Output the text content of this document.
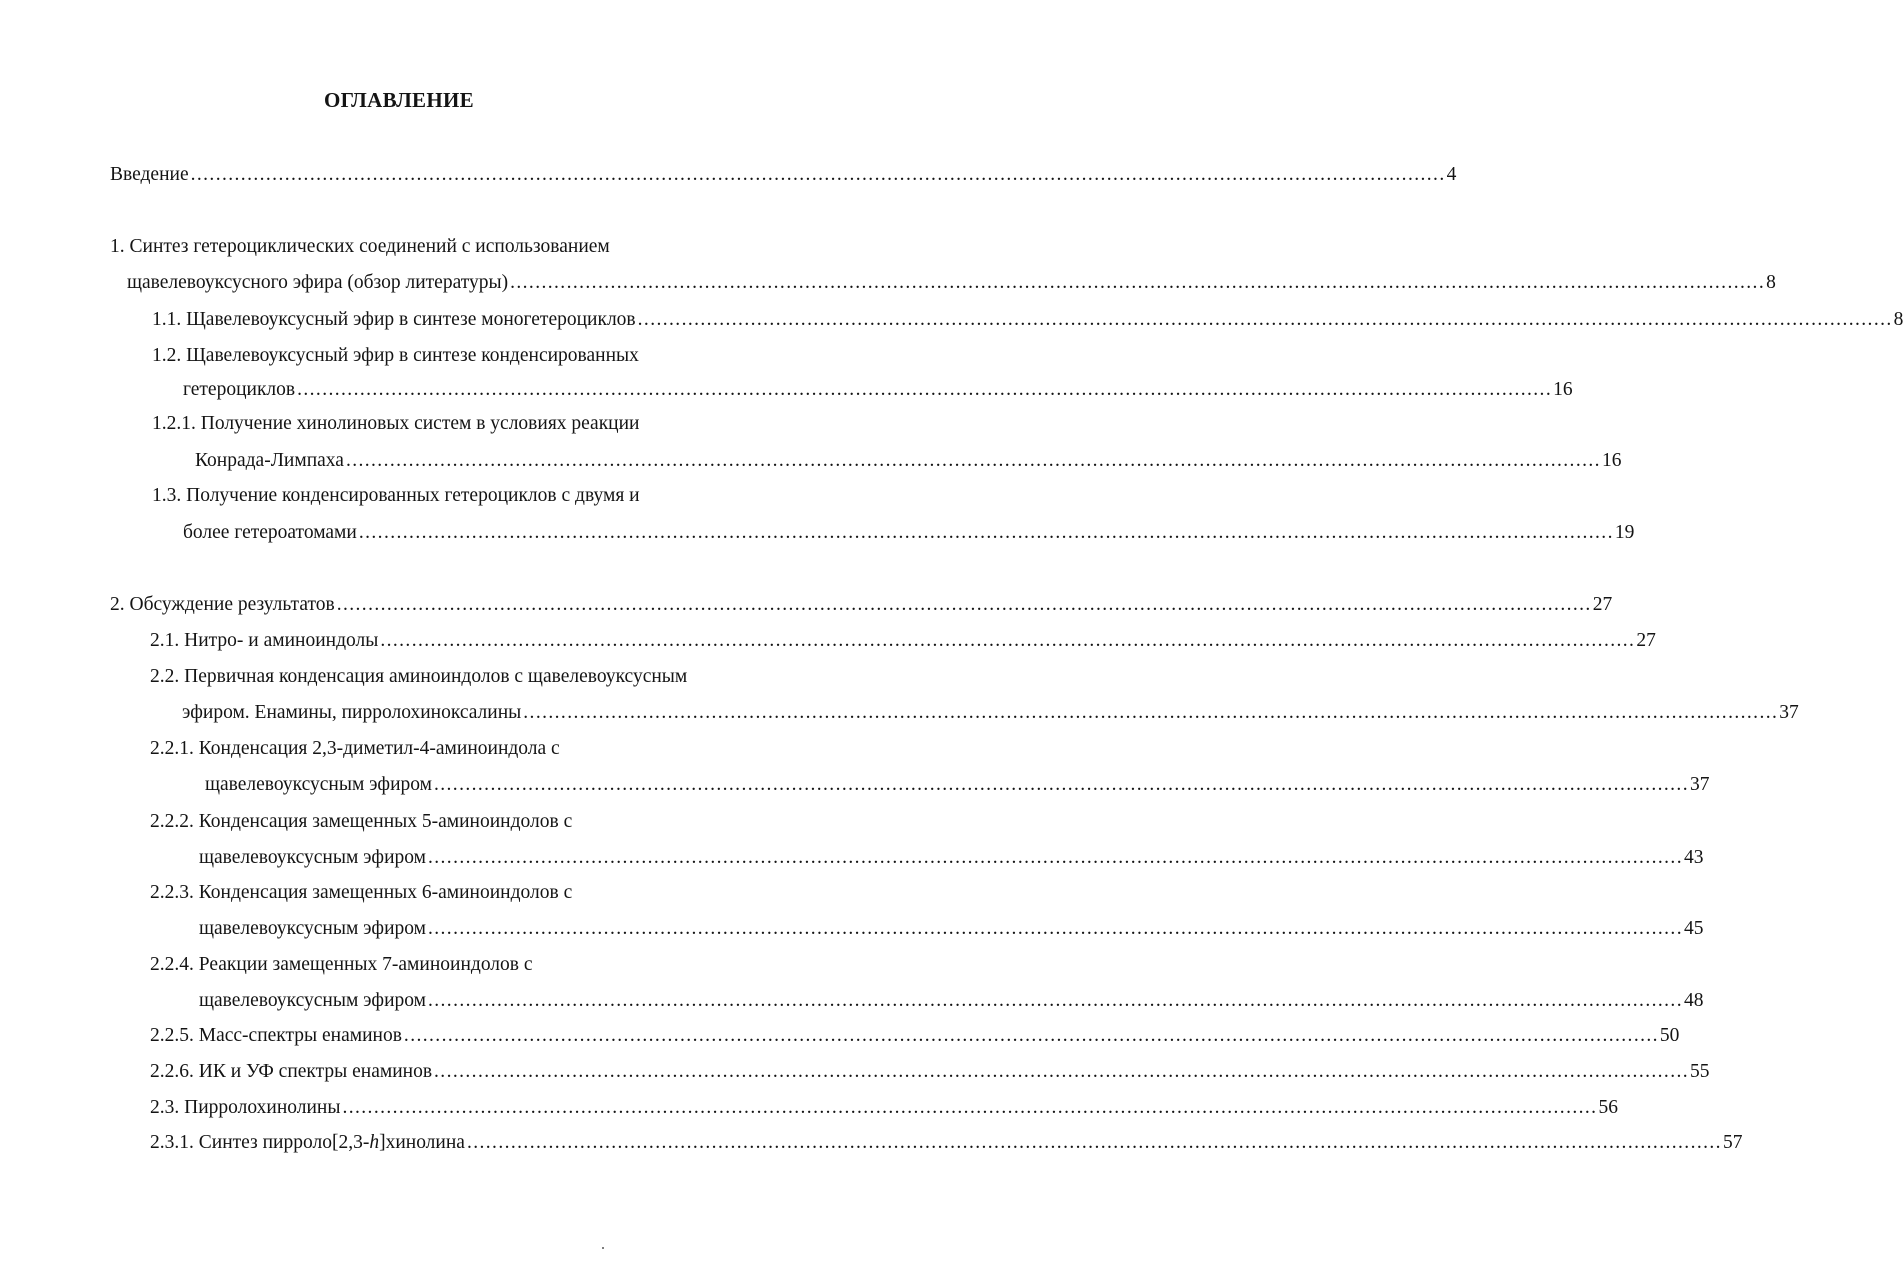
ОГЛАВЛЕНИЕ
Введение ........................................................................................................................................................................................................ 4
1. Синтез гетероциклических соединений с использованием
щавелевоуксусного эфира (обзор литературы) ........................................................................................................................................................................................................ 8
1.1. Щавелевоуксусный эфир в синтезе моногетероциклов ........................................................................................................................................................................................................ 8
1.2. Щавелевоуксусный эфир в синтезе конденсированных
гетероциклов ........................................................................................................................................................................................................ 16
1.2.1. Получение хинолиновых систем в условиях реакции
Конрада-Лимпаха ........................................................................................................................................................................................................ 16
1.3. Получение конденсированных гетероциклов с двумя и
более гетероатомами ........................................................................................................................................................................................................ 19
2. Обсуждение результатов ........................................................................................................................................................................................................ 27
2.1. Нитро- и аминоиндолы ........................................................................................................................................................................................................ 27
2.2. Первичная конденсация аминоиндолов с щавелевоуксусным
эфиром. Енамины, пирролохиноксалины ........................................................................................................................................................................................................ 37
2.2.1. Конденсация 2,3-диметил-4-аминоиндола с
щавелевоуксусным эфиром ........................................................................................................................................................................................................ 37
2.2.2. Конденсация замещенных 5-аминоиндолов с
щавелевоуксусным эфиром ........................................................................................................................................................................................................ 43
2.2.3. Конденсация замещенных 6-аминоиндолов с
щавелевоуксусным эфиром ........................................................................................................................................................................................................ 45
2.2.4. Реакции замещенных 7-аминоиндолов с
щавелевоуксусным эфиром ........................................................................................................................................................................................................ 48
2.2.5. Масс-спектры енаминов ........................................................................................................................................................................................................ 50
2.2.6. ИК и УФ спектры енаминов ........................................................................................................................................................................................................ 55
2.3. Пирролохинолины ........................................................................................................................................................................................................ 56
2.3.1. Синтез пирроло[2,3-h]хинолина ........................................................................................................................................................................................................ 57
